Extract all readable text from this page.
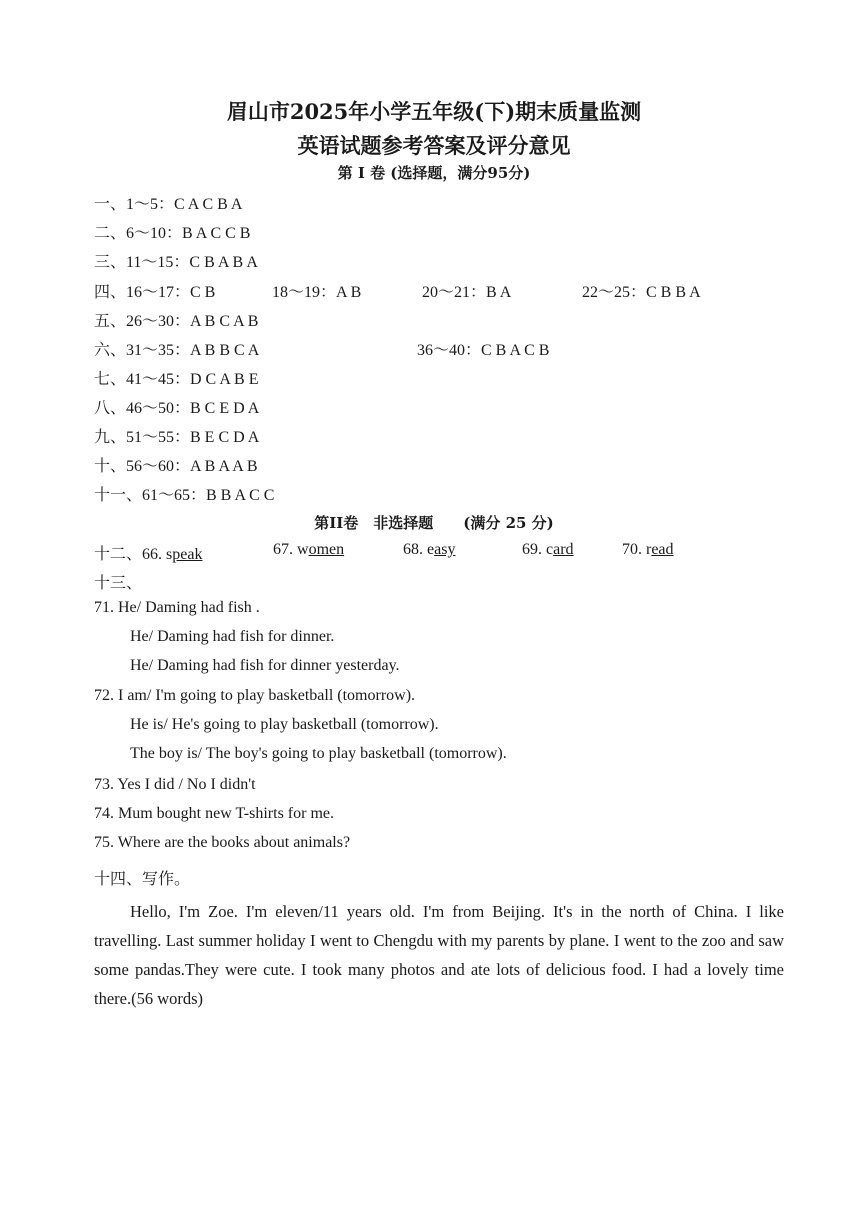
眉山市2025年小学五年级(下)期末质量监测
英语试题参考答案及评分意见
第 I 卷 (选择题，满分95分)
一、1～5：C A C B A
二、6～10：B A C C B
三、11～15：C B A B A
四、16～17：C B	18～19：A B	20～21：B A	22～25：C B B A
五、26～30：A B C A B
六、31～35：A B B C A	36～40：C B A C B
七、41～45：D C A B E
八、46～50：B C E D A
九、51～55：B E C D A
十、56～60：A B A A B
十一、61～65：B B A C C
第II卷　非选择题　　(满分 25 分)
十二、66. speak	67. women	68. easy	69. card	70. read
十三、
71. He/ Daming had fish .
He/ Daming had fish for dinner.
He/ Daming had fish for dinner yesterday.
72. I am/ I'm going to play basketball (tomorrow).
He is/ He's going to play basketball (tomorrow).
The boy is/ The boy's going to play basketball (tomorrow).
73. Yes I did / No I didn't
74. Mum bought new T-shirts for me.
75. Where are the books about animals?
十四、写作。
Hello, I'm Zoe. I'm eleven/11 years old. I'm from Beijing. It's in the north of China. I like travelling. Last summer holiday I went to Chengdu with my parents by plane. I went to the zoo and saw some pandas.They were cute. I took many photos and ate lots of delicious food. I had a lovely time there.(56 words)
